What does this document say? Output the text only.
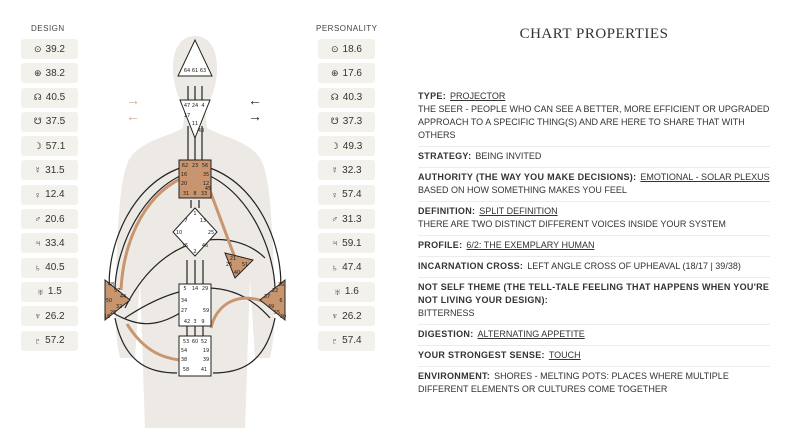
DESIGN
⊙ 39.2
⊕ 38.2
☊ 40.5
☋ 37.5
☽ 57.1
☿ 31.5
♀ 12.4
♂ 20.6
♃ 33.4
♄ 40.5
♅ 1.5
♆ 26.2
♇ 57.2
PERSONALITY
⊙ 18.6
⊕ 17.6
☊ 40.3
☋ 37.3
☽ 49.3
☿ 32.3
♀ 57.4
♂ 31.3
♃ 59.1
♄ 47.4
♅ 1.6
♆ 26.2
♇ 57.4
→
←
←
→
64 61 63
47 24 4
17
11
43
62 23 56
16	35
20	12
31 8 33
45
1
13
7
25
10
15
2
46
21
26 51
40
5 14 29
34
27
42 3 9
59
48
57
44
50
32
28
18
36
22
37
6
49
55
30
53 60 52
54	19
38	39
58 41
CHART PROPERTIES
TYPE: PROJECTOR
THE SEER - PEOPLE WHO CAN SEE A BETTER, MORE EFFICIENT OR UPGRADED APPROACH TO A SPECIFIC THING(S) AND ARE HERE TO SHARE THAT WITH OTHERS
STRATEGY: BEING INVITED
AUTHORITY (THE WAY YOU MAKE DECISIONS): EMOTIONAL - SOLAR PLEXUS
BASED ON HOW SOMETHING MAKES YOU FEEL
DEFINITION: SPLIT DEFINITION
THERE ARE TWO DISTINCT DIFFERENT VOICES INSIDE YOUR SYSTEM
PROFILE: 6/2: THE EXEMPLARY HUMAN
INCARNATION CROSS: LEFT ANGLE CROSS OF UPHEAVAL (18/17 | 39/38)
NOT SELF THEME (THE TELL-TALE FEELING THAT HAPPENS WHEN YOU'RE NOT LIVING YOUR DESIGN):
BITTERNESS
DIGESTION: ALTERNATING APPETITE
YOUR STRONGEST SENSE: TOUCH
ENVIRONMENT: SHORES - MELTING POTS: PLACES WHERE MULTIPLE DIFFERENT ELEMENTS OR CULTURES COME TOGETHER
